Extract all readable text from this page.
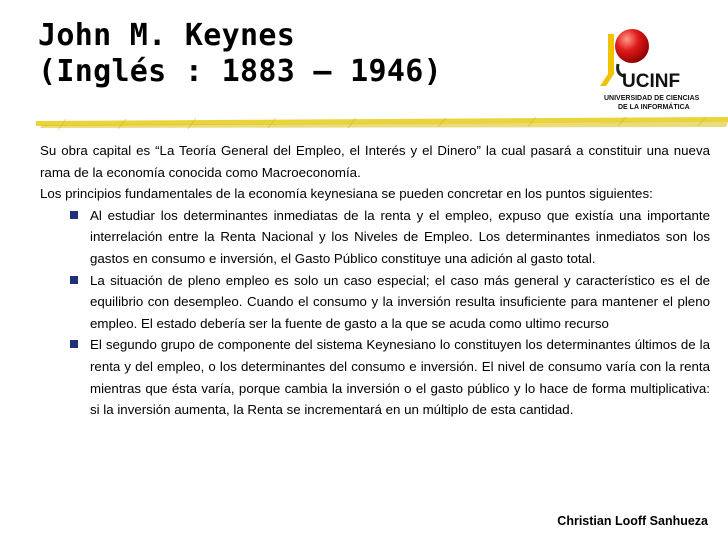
John M. Keynes
(Inglés : 1883 – 1946)	UCINF
UNIVERSIDAD DE CIENCIAS
DE LA INFORMÁTICA

Su obra capital es “La Teoría General del Empleo, el Interés y el Dinero” la cual pasará a constituir una nueva rama de la economía conocida como Macroeconomía.

Los principios fundamentales de la economía keynesiana se pueden concretar en los puntos siguientes:

Al estudiar los determinantes inmediatas de la renta y el empleo, expuso que existía una importante interrelación entre la Renta Nacional y los Niveles de Empleo. Los determinantes inmediatos son los gastos en consumo e inversión, el Gasto Público constituye una adición al gasto total.
La situación de pleno empleo es solo un caso especial; el caso más general y característico es el de equilibrio con desempleo. Cuando el consumo y la inversión resulta insuficiente para mantener el pleno empleo. El estado debería ser la fuente de gasto a la que se acuda como ultimo recurso
El segundo grupo de componente del sistema Keynesiano lo constituyen los determinantes últimos de la renta y del empleo, o los determinantes del consumo e inversión. El nivel de consumo varía con la renta mientras que ésta varía, porque cambia la inversión o el gasto público y lo hace de forma multiplicativa: si la inversión aumenta, la Renta se incrementará en un múltiplo de esta cantidad.
Christian Looff Sanhueza
